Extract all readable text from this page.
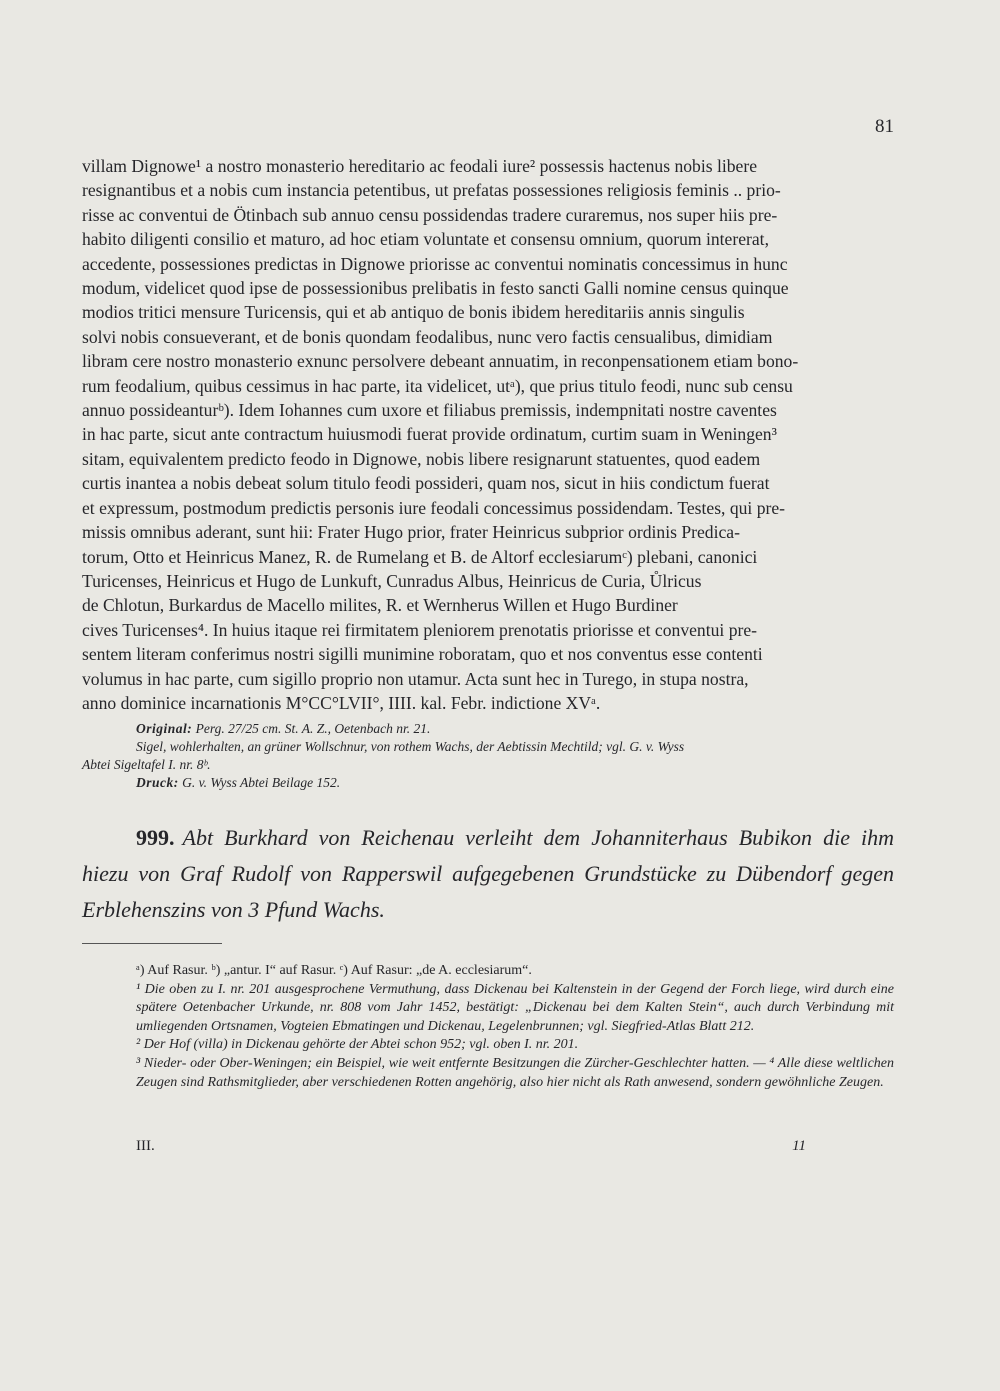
81

villam Dignowe¹ a nostro monasterio hereditario ac feodali iure² possessis hactenus nobis libere

resignantibus et a nobis cum instancia petentibus, ut prefatas possessiones religiosis feminis .. prio-

risse ac conventui de Ötinbach sub annuo censu possidendas tradere curaremus, nos super hiis pre-

habito diligenti consilio et maturo, ad hoc etiam voluntate et consensu omnium, quorum intererat,

accedente, possessiones predictas in Dignowe priorisse ac conventui nominatis concessimus in hunc

modum, videlicet quod ipse de possessionibus prelibatis in festo sancti Galli nomine census quinque

modios tritici mensure Turicensis, qui et ab antiquo de bonis ibidem hereditariis annis singulis

solvi nobis consueverant, et de bonis quondam feodalibus, nunc vero factis censualibus, dimidiam

libram cere nostro monasterio exnunc persolvere debeant annuatim, in reconpensationem etiam bono-

rum feodalium, quibus cessimus in hac parte, ita videlicet, utᵃ), que prius titulo feodi, nunc sub censu

annuo possideanturᵇ). Idem Iohannes cum uxore et filiabus premissis, indempnitati nostre caventes

in hac parte, sicut ante contractum huiusmodi fuerat provide ordinatum, curtim suam in Weningen³

sitam, equivalentem predicto feodo in Dignowe, nobis libere resignarunt statuentes, quod eadem

curtis inantea a nobis debeat solum titulo feodi possideri, quam nos, sicut in hiis condictum fuerat

et expressum, postmodum predictis personis iure feodali concessimus possidendam. Testes, qui pre-

missis omnibus aderant, sunt hii: Frater Hugo prior, frater Heinricus subprior ordinis Predica-

torum, Otto et Heinricus Manez, R. de Rumelang et B. de Altorf ecclesiarumᶜ) plebani, canonici

Turicenses, Heinricus et Hugo de Lunkuft, Cunradus Albus, Heinricus de Curia, Ůlricus

de Chlotun, Burkardus de Macello milites, R. et Wernherus Willen et Hugo Burdiner

cives Turicenses⁴. In huius itaque rei firmitatem pleniorem prenotatis priorisse et conventui pre-

sentem literam conferimus nostri sigilli munimine roboratam, quo et nos conventus esse contenti

volumus in hac parte, cum sigillo proprio non utamur. Acta sunt hec in Turego, in stupa nostra,

anno dominice incarnationis M°CC°LVII°, IIII. kal. Febr. indictione XVᵃ.

Original: Perg. 27/25 cm. St. A. Z., Oetenbach nr. 21.

Sigel, wohlerhalten, an grüner Wollschnur, von rothem Wachs, der Aebtissin Mechtild; vgl. G. v. Wyss

Abtei Sigeltafel I. nr. 8ᵇ.

Druck: G. v. Wyss Abtei Beilage 152.

999. Abt Burkhard von Reichenau verleiht dem Johanniterhaus Bubikon die ihm hiezu von Graf Rudolf von Rapperswil aufgegebenen Grundstücke zu Dübendorf gegen Erblehenszins von 3 Pfund Wachs.

ᵃ) Auf Rasur. ᵇ) „antur. I“ auf Rasur. ᶜ) Auf Rasur: „de A. ecclesiarum“.

¹ Die oben zu I. nr. 201 ausgesprochene Vermuthung, dass Dickenau bei Kaltenstein in der Gegend der Forch liege, wird durch eine spätere Oetenbacher Urkunde, nr. 808 vom Jahr 1452, bestätigt: „Dickenau bei dem Kalten Stein“, auch durch Verbindung mit umliegenden Ortsnamen, Vogteien Ebmatingen und Dickenau, Legelenbrunnen; vgl. Siegfried-Atlas Blatt 212.

² Der Hof (villa) in Dickenau gehörte der Abtei schon 952; vgl. oben I. nr. 201.

³ Nieder- oder Ober-Weningen; ein Beispiel, wie weit entfernte Besitzungen die Zürcher-Geschlechter hatten. — ⁴ Alle diese weltlichen Zeugen sind Rathsmitglieder, aber verschiedenen Rotten angehörig, also hier nicht als Rath anwesend, sondern gewöhnliche Zeugen.

III.	11
